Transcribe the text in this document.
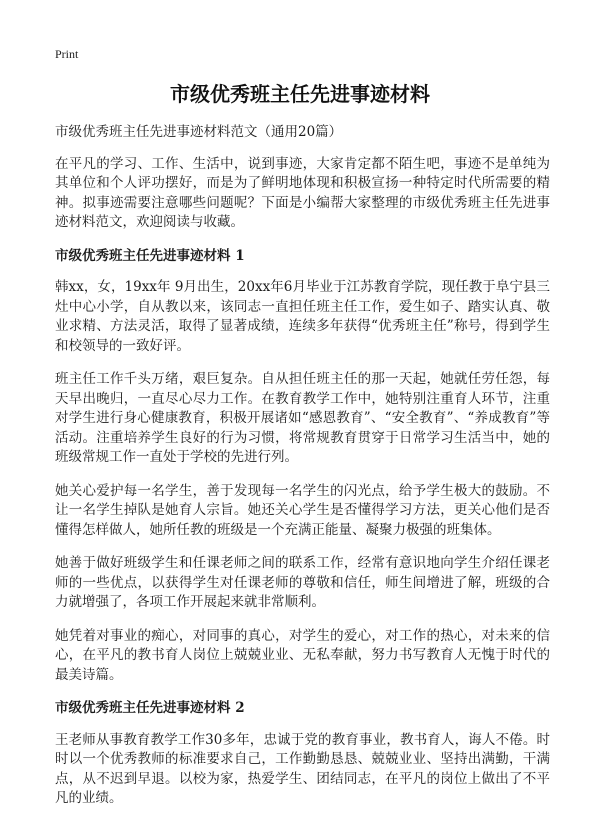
Print
市级优秀班主任先进事迹材料

市级优秀班主任先进事迹材料范文（通用20篇）

在平凡的学习、工作、生活中，说到事迹，大家肯定都不陌生吧，事迹不是单纯为其单位和个人评功摆好，而是为了鲜明地体现和积极宣扬一种特定时代所需要的精神。拟事迹需要注意哪些问题呢？下面是小编帮大家整理的市级优秀班主任先进事迹材料范文，欢迎阅读与收藏。

市级优秀班主任先进事迹材料 1

韩xx，女，19xx年 9月出生，20xx年6月毕业于江苏教育学院，现任教于阜宁县三灶中心小学，自从教以来，该同志一直担任班主任工作，爱生如子、踏实认真、敬业求精、方法灵活，取得了显著成绩，连续多年获得“优秀班主任”称号，得到学生和校领导的一致好评。

班主任工作千头万绪，艰巨复杂。自从担任班主任的那一天起，她就任劳任怨，每天早出晚归，一直尽心尽力工作。在教育教学工作中，她特别注重育人环节，注重对学生进行身心健康教育，积极开展诸如“感恩教育”、“安全教育”、“养成教育”等活动。注重培养学生良好的行为习惯，将常规教育贯穿于日常学习生活当中，她的班级常规工作一直处于学校的先进行列。

她关心爱护每一名学生，善于发现每一名学生的闪光点，给予学生极大的鼓励。不让一名学生掉队是她育人宗旨。她还关心学生是否懂得学习方法，更关心他们是否懂得怎样做人，她所任教的班级是一个充满正能量、凝聚力极强的班集体。

她善于做好班级学生和任课老师之间的联系工作，经常有意识地向学生介绍任课老师的一些优点，以获得学生对任课老师的尊敬和信任，师生间增进了解，班级的合力就增强了，各项工作开展起来就非常顺利。

她凭着对事业的痴心，对同事的真心，对学生的爱心，对工作的热心，对未来的信心，在平凡的教书育人岗位上兢兢业业、无私奉献，努力书写教育人无愧于时代的最美诗篇。

市级优秀班主任先进事迹材料 2

王老师从事教育教学工作30多年，忠诚于党的教育事业，教书育人，诲人不倦。时时以一个优秀教师的标准要求自己，工作勤勤恳恳、兢兢业业、坚持出满勤，干满点，从不迟到早退。以校为家，热爱学生、团结同志，在平凡的岗位上做出了不平凡的业绩。
